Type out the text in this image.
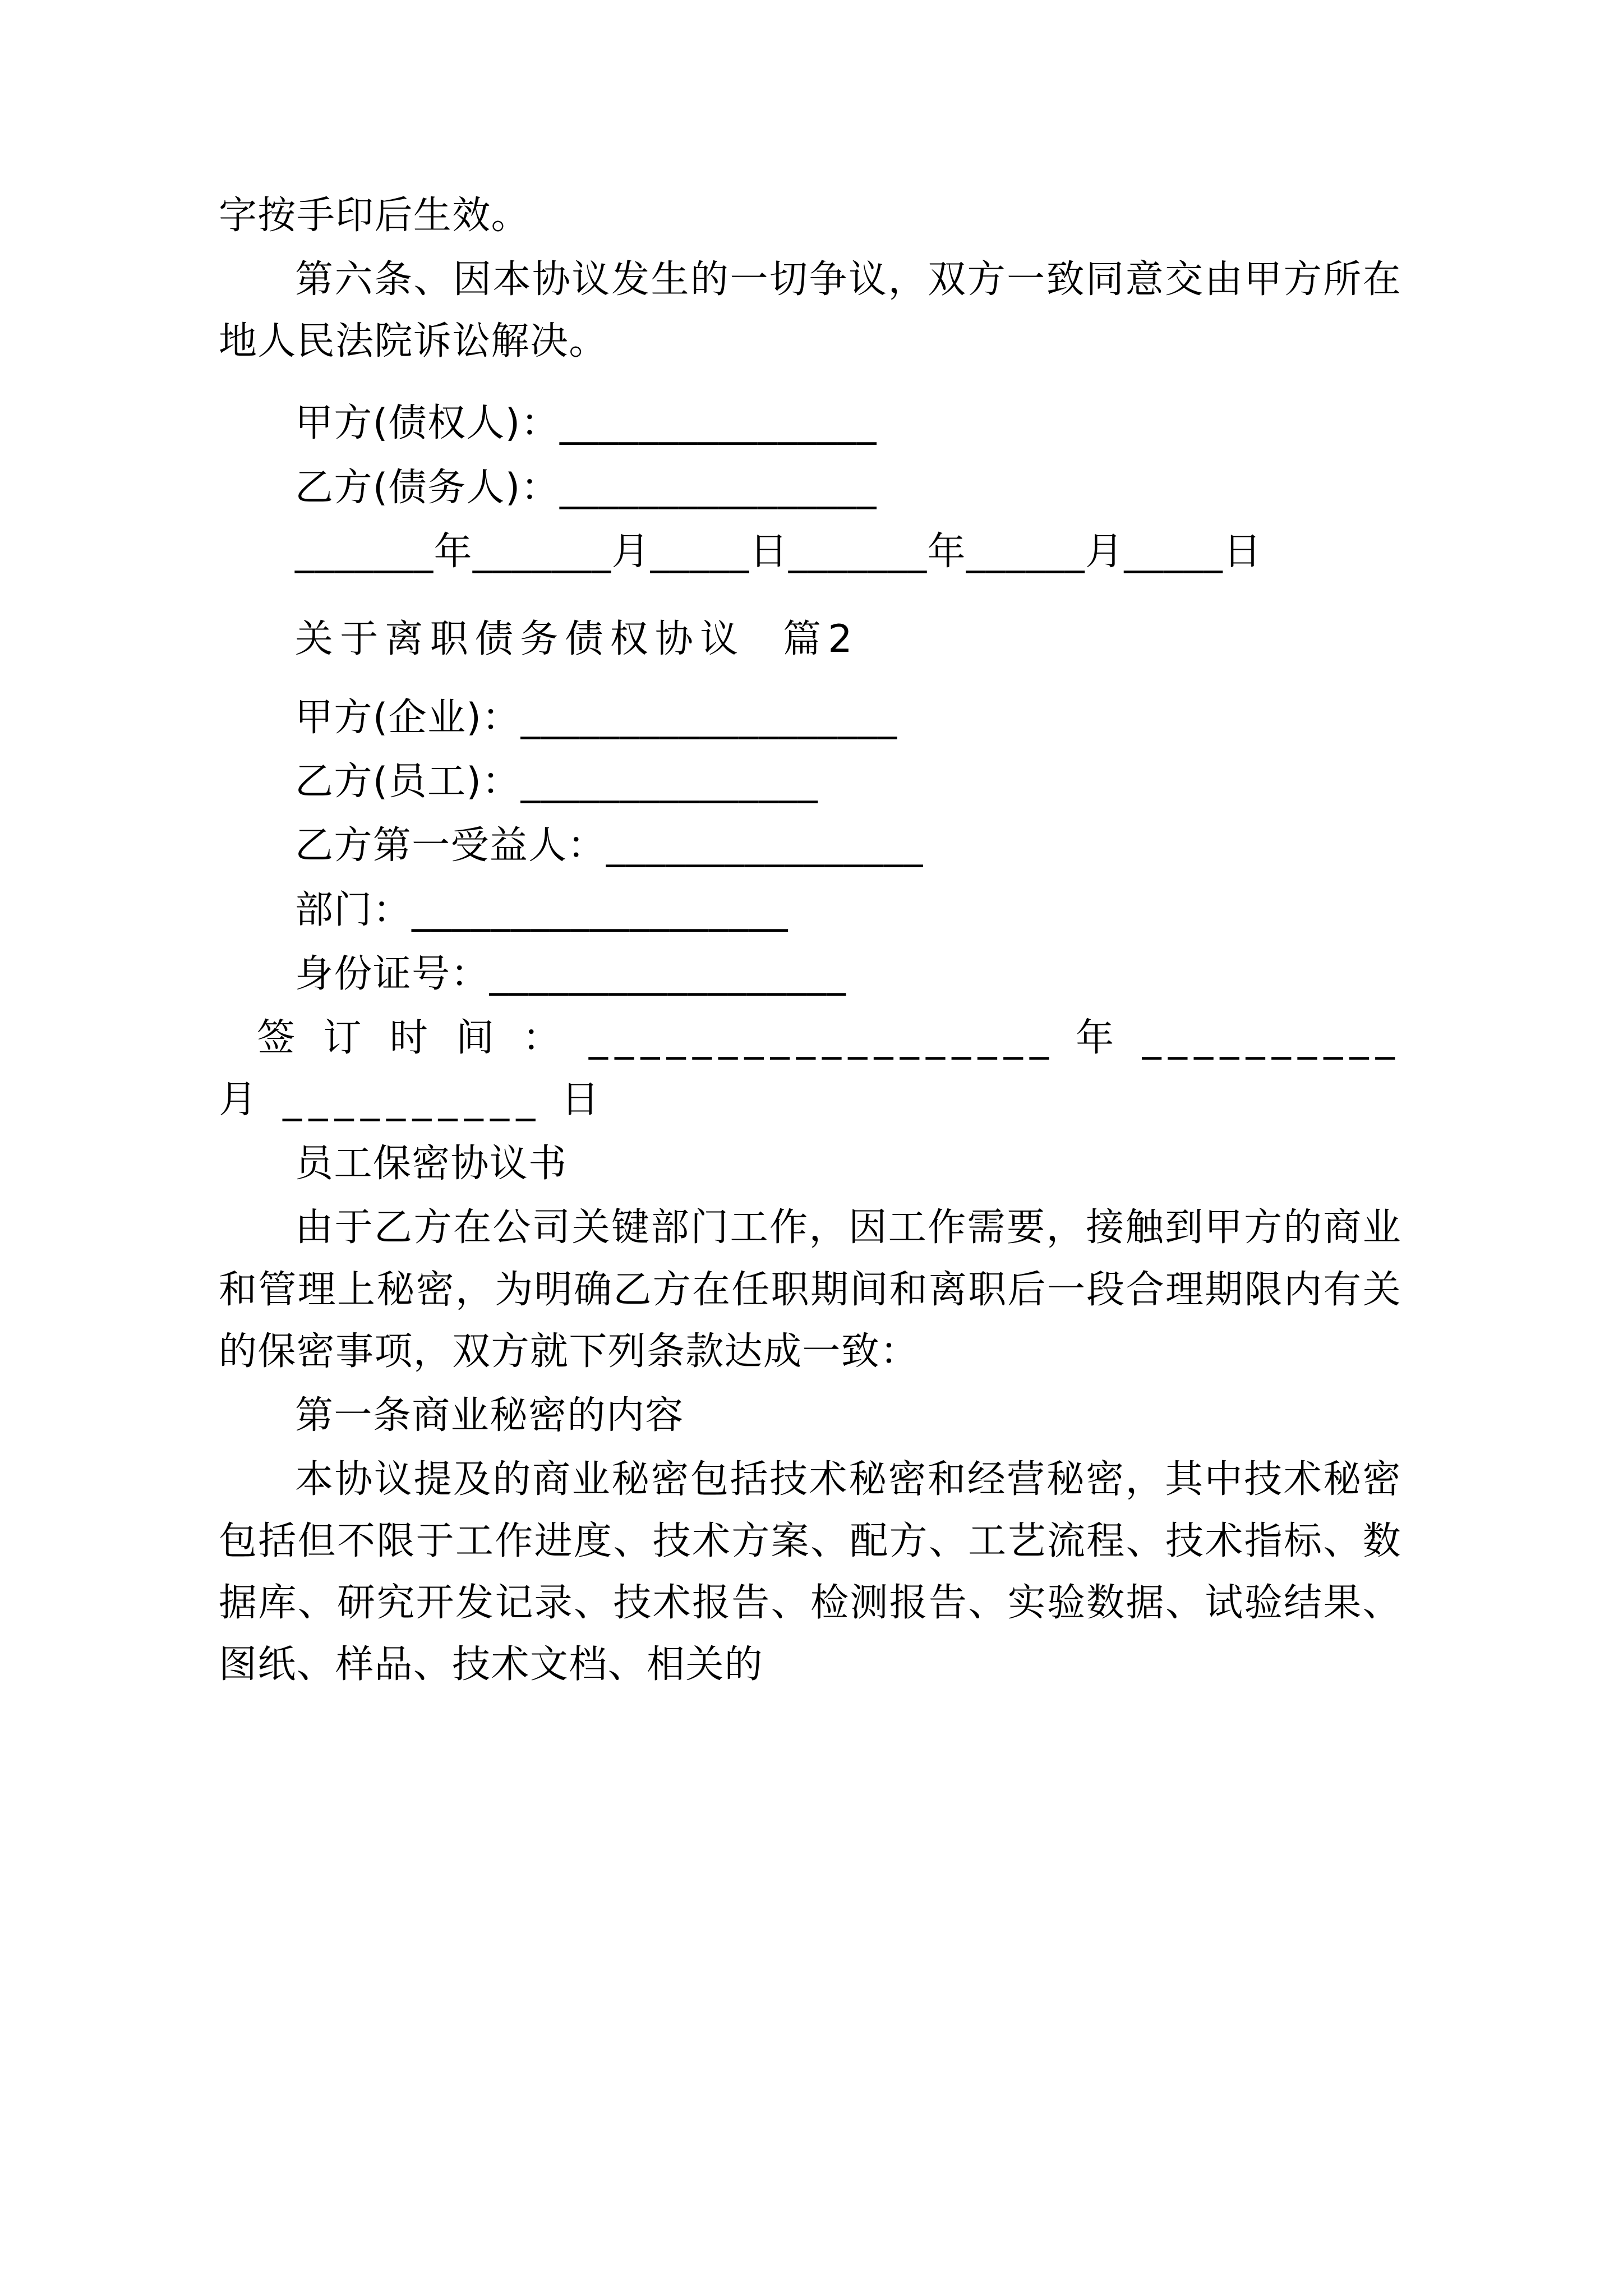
字按手印后生效。

第六条、因本协议发生的一切争议，双方一致同意交由甲方所在地人民法院诉讼解决。

甲方(债权人)：________________

乙方(债务人)：________________

_______年_______月_____日_______年______月_____日

关于离职债务债权协议  篇2

甲方(企业)：___________________

乙方(员工)：_______________

乙方第一受益人：________________

部门：___________________

身份证号：__________________

签 订 时 间 ： __________________ 年 __________ 月 __________ 日

员工保密协议书

由于乙方在公司关键部门工作，因工作需要，接触到甲方的商业和管理上秘密，为明确乙方在任职期间和离职后一段合理期限内有关的保密事项，双方就下列条款达成一致：

第一条商业秘密的内容

本协议提及的商业秘密包括技术秘密和经营秘密，其中技术秘密包括但不限于工作进度、技术方案、配方、工艺流程、技术指标、数据库、研究开发记录、技术报告、检测报告、实验数据、试验结果、图纸、样品、技术文档、相关的
